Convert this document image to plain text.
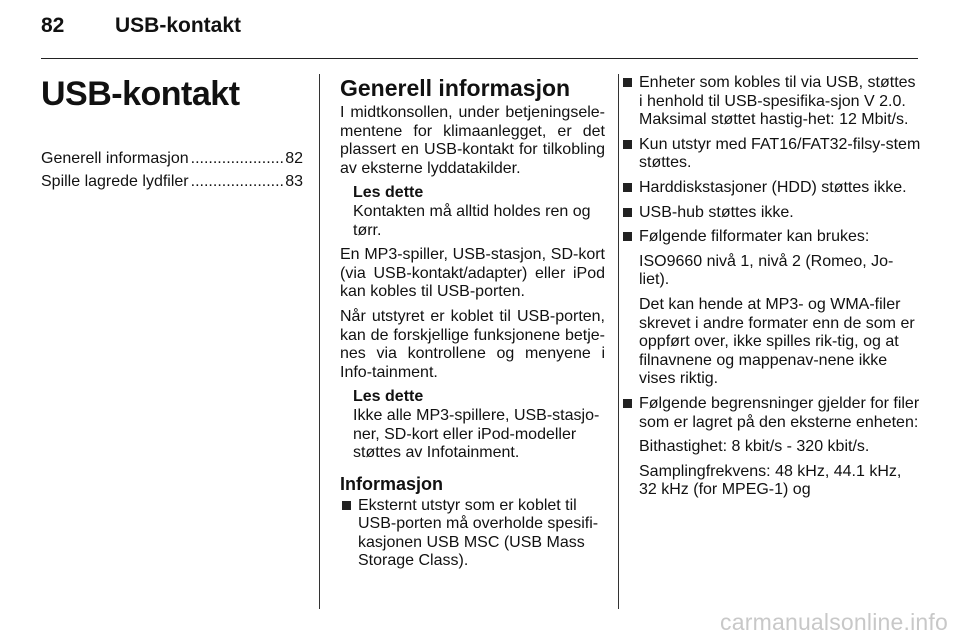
82 USB-kontakt
USB-kontakt
Generell informasjon .....	82
Spille lagrede lydfiler .....	83
Generell informasjon

I midtkonsollen, under betjeningsele-mentene for klimaanlegget, er det plassert en USB-kontakt for tilkobling av eksterne lyddatakilder.

Les dette
Kontakten må alltid holdes ren og tørr.

En MP3-spiller, USB-stasjon, SD-kort (via USB-kontakt/adapter) eller iPod kan kobles til USB-porten.

Når utstyret er koblet til USB-porten, kan de forskjellige funksjonene betje-nes via kontrollene og menyene i Info-tainment.

Les dette
Ikke alle MP3-spillere, USB-stasjo-ner, SD-kort eller iPod-modeller støttes av Infotainment.
Informasjon
Eksternt utstyr som er koblet til USB-porten må overholde spesifi-kasjonen USB MSC (USB Mass Storage Class).
Enheter som kobles til via USB, støttes i henhold til USB-spesifika-sjon V 2.0. Maksimal støttet hastig-het: 12 Mbit/s.
Kun utstyr med FAT16/FAT32-filsy-stem støttes.
Harddiskstasjoner (HDD) støttes ikke.
USB-hub støttes ikke.
Følgende filformater kan brukes:
ISO9660 nivå 1, nivå 2 (Romeo, Jo-liet).
Det kan hende at MP3- og WMA-filer skrevet i andre formater enn de som er oppført over, ikke spilles rik-tig, og at filnavnene og mappenav-nene ikke vises riktig.
Følgende begrensninger gjelder for filer som er lagret på den eksterne enheten:
Bithastighet: 8 kbit/s - 320 kbit/s.
Samplingfrekvens: 48 kHz, 44.1 kHz, 32 kHz (for MPEG-1) og
carmanualsonline.info
